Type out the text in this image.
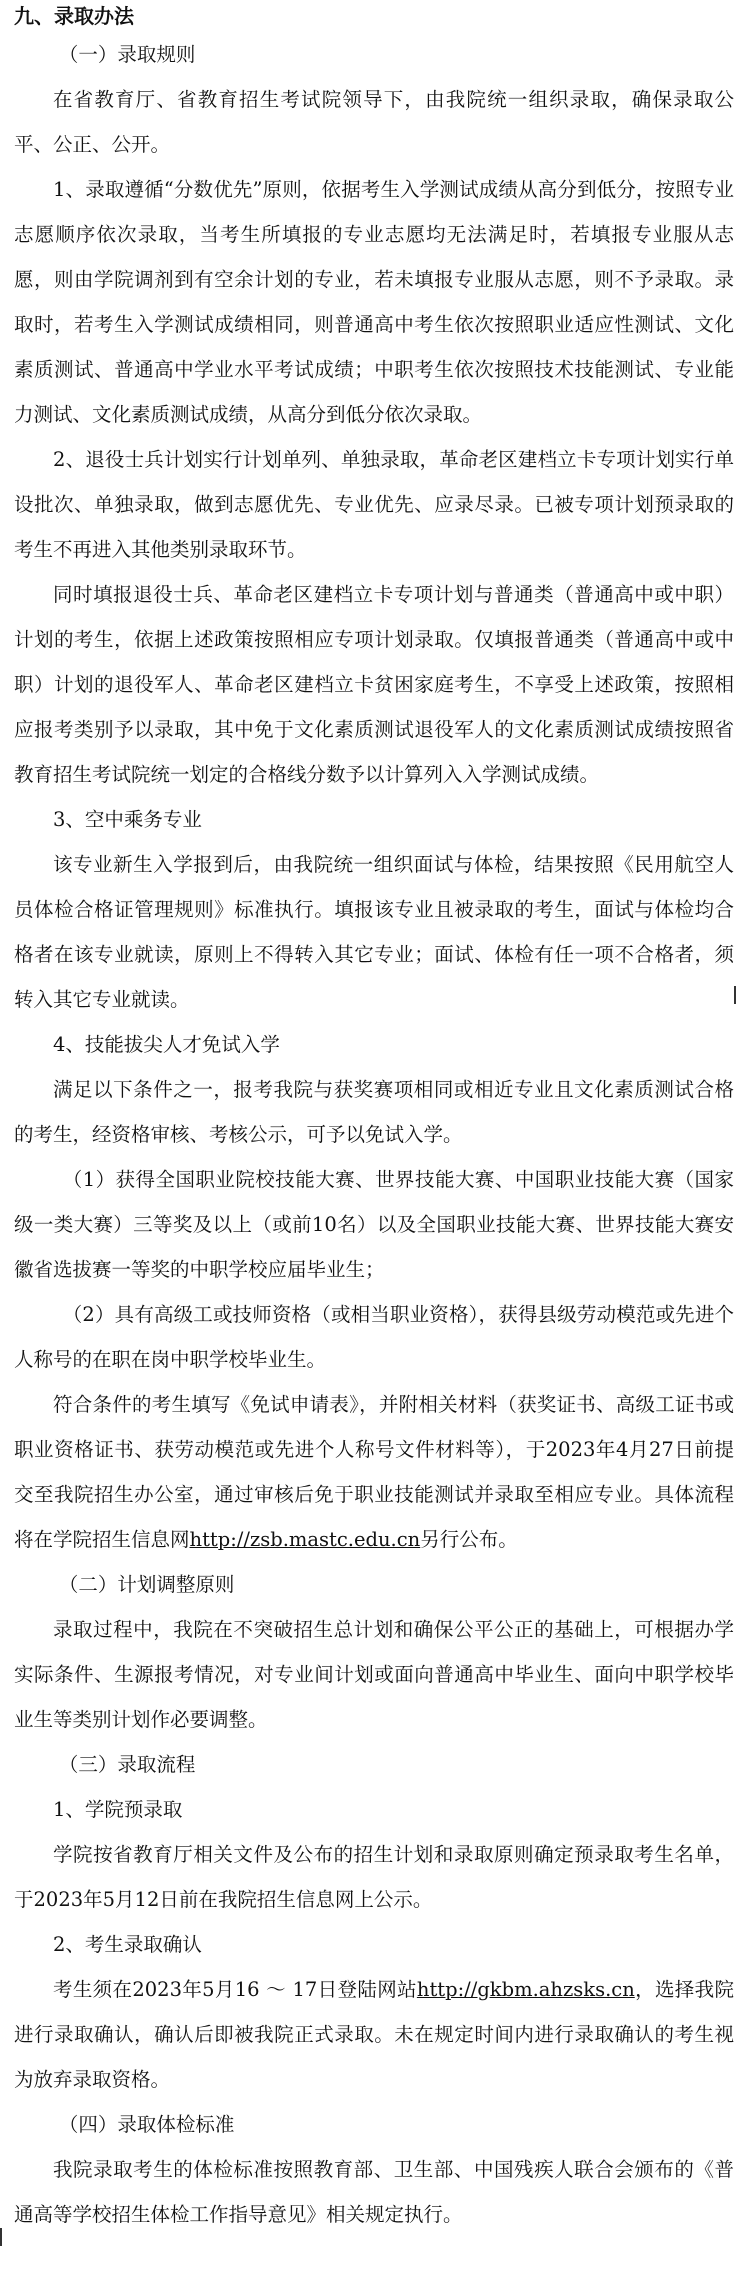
九、录取办法
（一）录取规则

在省教育厅、省教育招生考试院领导下，由我院统一组织录取，确保录取公平、公正、公开。

1、录取遵循“分数优先”原则，依据考生入学测试成绩从高分到低分，按照专业志愿顺序依次录取，当考生所填报的专业志愿均无法满足时，若填报专业服从志愿，则由学院调剂到有空余计划的专业，若未填报专业服从志愿，则不予录取。录取时，若考生入学测试成绩相同，则普通高中考生依次按照职业适应性测试、文化素质测试、普通高中学业水平考试成绩；中职考生依次按照技术技能测试、专业能力测试、文化素质测试成绩，从高分到低分依次录取。

2、退役士兵计划实行计划单列、单独录取，革命老区建档立卡专项计划实行单设批次、单独录取，做到志愿优先、专业优先、应录尽录。已被专项计划预录取的考生不再进入其他类别录取环节。

同时填报退役士兵、革命老区建档立卡专项计划与普通类（普通高中或中职）计划的考生，依据上述政策按照相应专项计划录取。仅填报普通类（普通高中或中职）计划的退役军人、革命老区建档立卡贫困家庭考生，不享受上述政策，按照相应报考类别予以录取，其中免于文化素质测试退役军人的文化素质测试成绩按照省教育招生考试院统一划定的合格线分数予以计算列入入学测试成绩。

3、空中乘务专业

该专业新生入学报到后，由我院统一组织面试与体检，结果按照《民用航空人员体检合格证管理规则》标准执行。填报该专业且被录取的考生，面试与体检均合格者在该专业就读，原则上不得转入其它专业；面试、体检有任一项不合格者，须转入其它专业就读。

4、技能拔尖人才免试入学

满足以下条件之一，报考我院与获奖赛项相同或相近专业且文化素质测试合格的考生，经资格审核、考核公示，可予以免试入学。

（1）获得全国职业院校技能大赛、世界技能大赛、中国职业技能大赛（国家级一类大赛）三等奖及以上（或前10名）以及全国职业技能大赛、世界技能大赛安徽省选拔赛一等奖的中职学校应届毕业生；

（2）具有高级工或技师资格（或相当职业资格），获得县级劳动模范或先进个人称号的在职在岗中职学校毕业生。

符合条件的考生填写《免试申请表》，并附相关材料（获奖证书、高级工证书或职业资格证书、获劳动模范或先进个人称号文件材料等），于2023年4月27日前提交至我院招生办公室，通过审核后免于职业技能测试并录取至相应专业。具体流程将在学院招生信息网http://zsb.mastc.edu.cn另行公布。

（二）计划调整原则

录取过程中，我院在不突破招生总计划和确保公平公正的基础上，可根据办学实际条件、生源报考情况，对专业间计划或面向普通高中毕业生、面向中职学校毕业生等类别计划作必要调整。

（三）录取流程
1、学院预录取

学院按省教育厅相关文件及公布的招生计划和录取原则确定预录取考生名单，于2023年5月12日前在我院招生信息网上公示。

2、考生录取确认

考生须在2023年5月16 ～ 17日登陆网站http://gkbm.ahzsks.cn，选择我院进行录取确认，确认后即被我院正式录取。未在规定时间内进行录取确认的考生视为放弃录取资格。

（四）录取体检标准

我院录取考生的体检标准按照教育部、卫生部、中国残疾人联合会颁布的《普通高等学校招生体检工作指导意见》相关规定执行。
